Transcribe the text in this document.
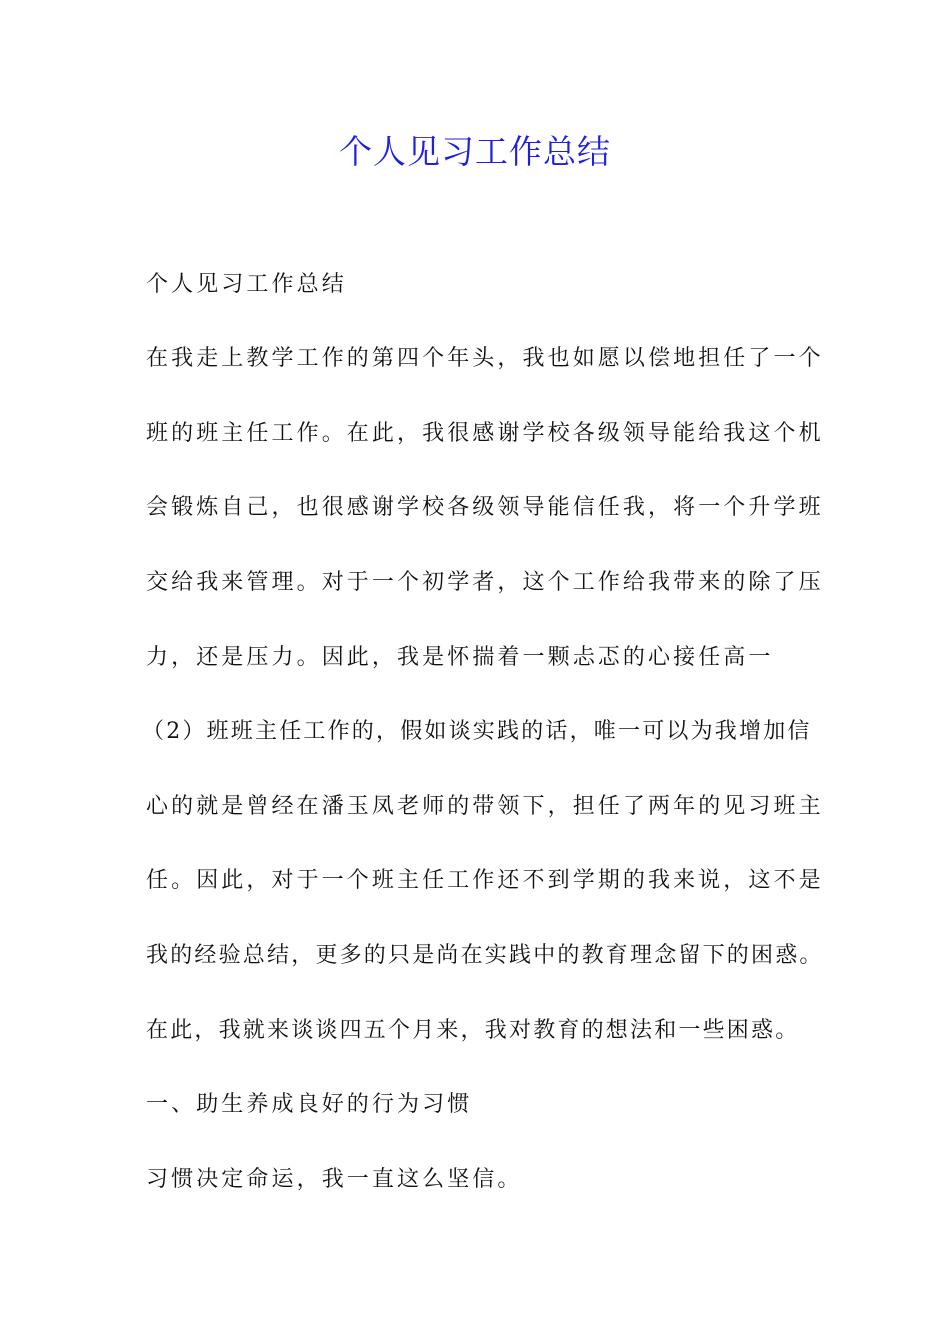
个人见习工作总结
个人见习工作总结
在我走上教学工作的第四个年头，我也如愿以偿地担任了一个
班的班主任工作。在此，我很感谢学校各级领导能给我这个机
会锻炼自己，也很感谢学校各级领导能信任我，将一个升学班
交给我来管理。对于一个初学者，这个工作给我带来的除了压
力，还是压力。因此，我是怀揣着一颗忐忑的心接任高一
（2）班班主任工作的，假如谈实践的话，唯一可以为我增加信
心的就是曾经在潘玉凤老师的带领下，担任了两年的见习班主
任。因此，对于一个班主任工作还不到学期的我来说，这不是
我的经验总结，更多的只是尚在实践中的教育理念留下的困惑。
在此，我就来谈谈四五个月来，我对教育的想法和一些困惑。
一、助生养成良好的行为习惯
习惯决定命运，我一直这么坚信。
